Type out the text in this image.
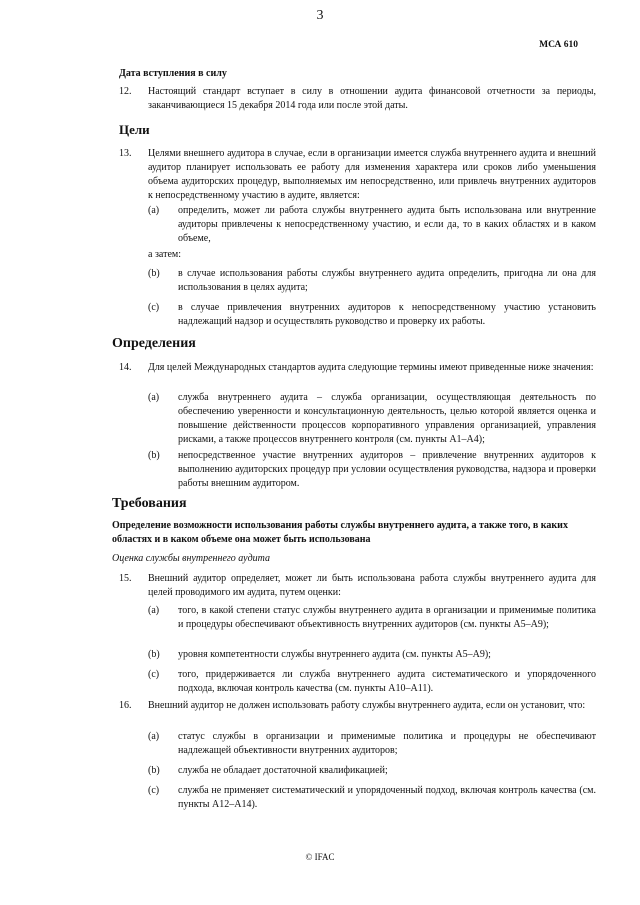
3
МСА 610
Дата вступления в силу
12. Настоящий стандарт вступает в силу в отношении аудита финансовой отчетности за периоды, заканчивающиеся 15 декабря 2014 года или после этой даты.
Цели
13. Целями внешнего аудитора в случае, если в организации имеется служба внутреннего аудита и внешний аудитор планирует использовать ее работу для изменения характера или сроков либо уменьшения объема аудиторских процедур, выполняемых им непосредственно, или привлечь внутренних аудиторов к непосредственному участию в аудите, является:
(a) определить, может ли работа службы внутреннего аудита быть использована или внутренние аудиторы привлечены к непосредственному участию, и если да, то в каких областях и в каком объеме,
а затем:
(b) в случае использования работы службы внутреннего аудита определить, пригодна ли она для использования в целях аудита;
(c) в случае привлечения внутренних аудиторов к непосредственному участию установить надлежащий надзор и осуществлять руководство и проверку их работы.
Определения
14. Для целей Международных стандартов аудита следующие термины имеют приведенные ниже значения:
(a) служба внутреннего аудита – служба организации, осуществляющая деятельность по обеспечению уверенности и консультационную деятельность, целью которой является оценка и повышение действенности процессов корпоративного управления организацией, управления рисками, а также процессов внутреннего контроля (см. пункты А1–А4);
(b) непосредственное участие внутренних аудиторов – привлечение внутренних аудиторов к выполнению аудиторских процедур при условии осуществления руководства, надзора и проверки работы внешним аудитором.
Требования
Определение возможности использования работы службы внутреннего аудита, а также того, в каких областях и в каком объеме она может быть использована
Оценка службы внутреннего аудита
15. Внешний аудитор определяет, может ли быть использована работа службы внутреннего аудита для целей проводимого им аудита, путем оценки:
(a) того, в какой степени статус службы внутреннего аудита в организации и применимые политика и процедуры обеспечивают объективность внутренних аудиторов (см. пункты А5–А9);
(b) уровня компетентности службы внутреннего аудита (см. пункты А5–А9);
(c) того, придерживается ли служба внутреннего аудита систематического и упорядоченного подхода, включая контроль качества (см. пункты А10–А11).
16. Внешний аудитор не должен использовать работу службы внутреннего аудита, если он установит, что:
(a) статус службы в организации и применимые политика и процедуры не обеспечивают надлежащей объективности внутренних аудиторов;
(b) служба не обладает достаточной квалификацией;
(c) служба не применяет систематический и упорядоченный подход, включая контроль качества (см. пункты А12–А14).
© IFAC
